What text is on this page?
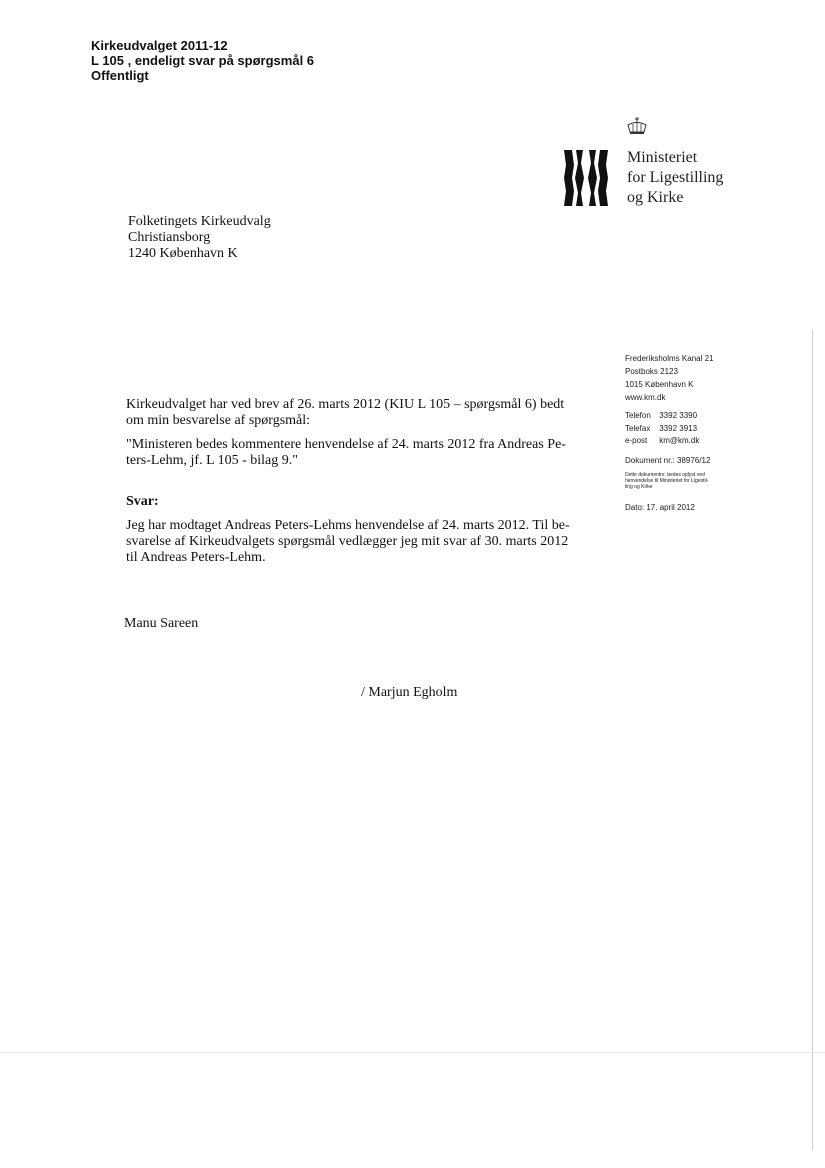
Kirkeudvalget 2011-12
L 105 , endeligt svar på spørgsmål 6
Offentligt
Ministeriet
for Ligestilling
og Kirke
Folketingets Kirkeudvalg
Christiansborg
1240 København K
Frederiksholms Kanal 21
Postboks 2123
1015 København K
www.km.dk
Telefon 3392 3390
Telefax 3392 3913
e-post km@km.dk
Dokument nr.: 38976/12
Dette dokumentnr. bedes oplyst ved
henvendelse til Ministeriet for Ligestil-
ling og Kirke
Dato: 17. april 2012
Kirkeudvalget har ved brev af 26. marts 2012 (KIU L 105 – spørgsmål 6) bedt
om min besvarelse af spørgsmål:
"Ministeren bedes kommentere henvendelse af 24. marts 2012 fra Andreas Pe-
ters-Lehm, jf. L 105 - bilag 9."
Svar:
Jeg har modtaget Andreas Peters-Lehms henvendelse af 24. marts 2012. Til be-
svarelse af Kirkeudvalgets spørgsmål vedlægger jeg mit svar af 30. marts 2012
til Andreas Peters-Lehm.
Manu Sareen
/ Marjun Egholm
